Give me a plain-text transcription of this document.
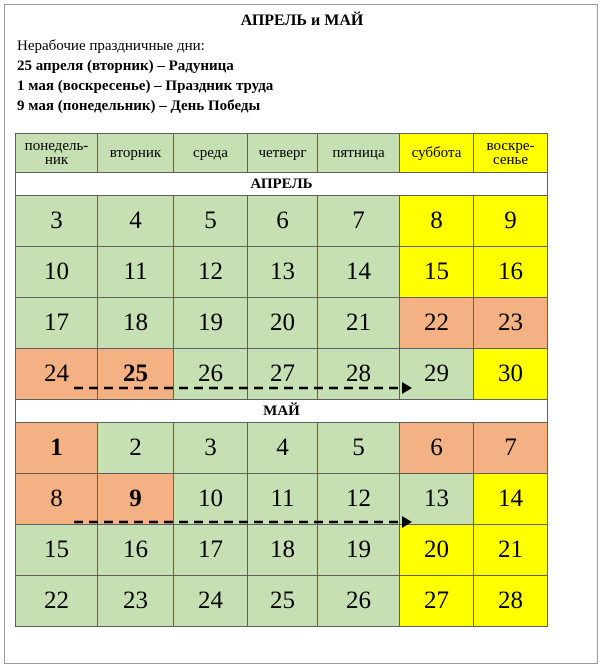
АПРЕЛЬ и МАЙ
Нерабочие праздничные дни:
25 апреля (вторник) – Радуница
1 мая (воскресенье) – Праздник труда
9 мая (понедельник) – День Победы
понедель-ник	вторник	среда	четверг	пятница	суббота	воскре-сенье
АПРЕЛЬ						
3	4	5	6	7	8	9
10	11	12	13	14	15	16
17	18	19	20	21	22	23
24	25	26	27	28	29	30
МАЙ						
1	2	3	4	5	6	7
8	9	10	11	12	13	14
15	16	17	18	19	20	21
22	23	24	25	26	27	28
